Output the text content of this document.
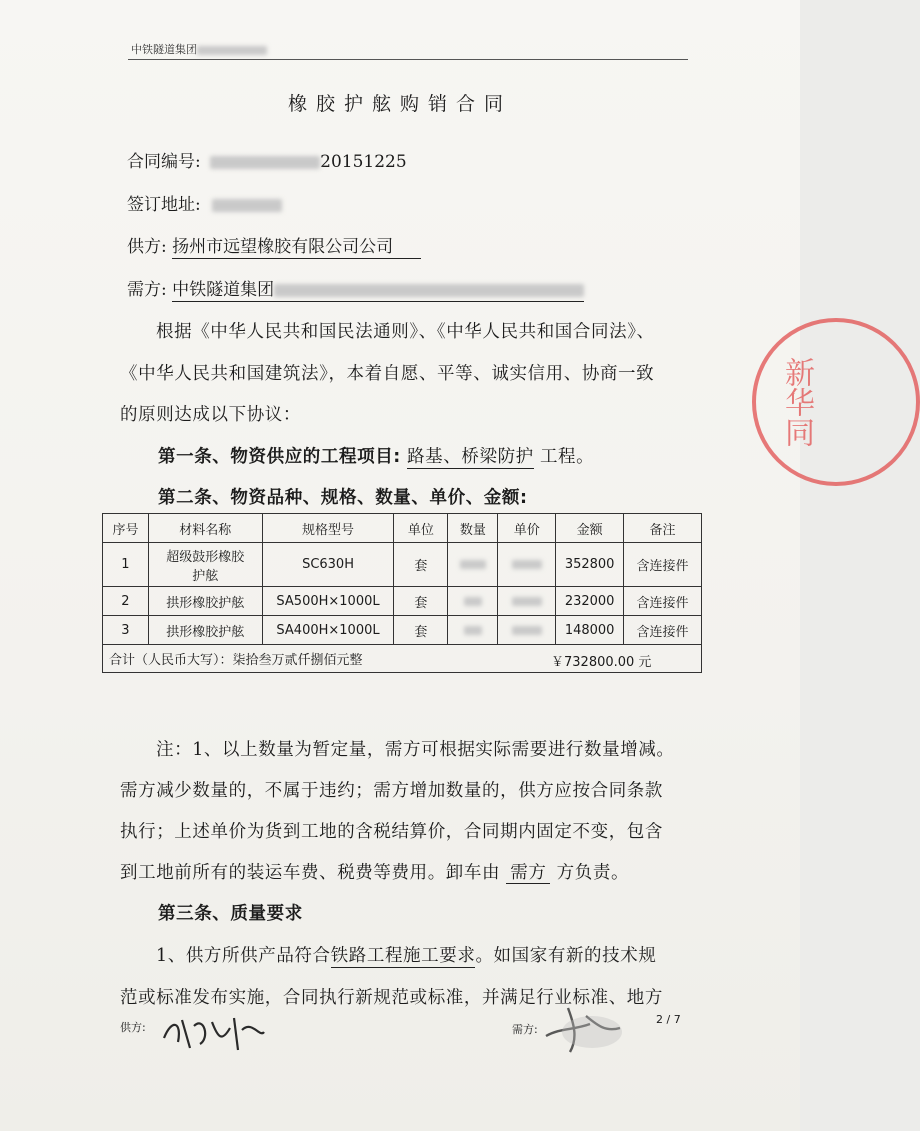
中铁隧道集团
橡胶护舷购销合同
合同编号:	20151225
签订地址:
供方: 扬州市远望橡胶有限公司公司
需方: 中铁隧道集团
根据《中华人民共和国民法通则》、《中华人民共和国合同法》、
《中华人民共和国建筑法》，本着自愿、平等、诚实信用、协商一致
的原则达成以下协议：
第一条、物资供应的工程项目: 路基、桥梁防护 工程。
第二条、物资品种、规格、数量、单价、金额:
序号	材料名称	规格型号	单位	数量	单价	金额	备注
1	超级鼓形橡胶
护舷	SC630H	套			352800	含连接件
2	拱形橡胶护舷	SA500H×1000L	套			232000	含连接件
3	拱形橡胶护舷	SA400H×1000L	套			148000	含连接件
合计（人民币大写）：柒拾叁万贰仟捌佰元整 ￥732800.00 元							
注：1、以上数量为暂定量，需方可根据实际需要进行数量增减。
需方减少数量的，不属于违约；需方增加数量的，供方应按合同条款
执行；上述单价为货到工地的含税结算价，合同期内固定不变，包含
到工地前所有的装运车费、税费等费用。卸车由 需方 方负责。
第三条、质量要求
1、供方所供产品符合铁路工程施工要求。如国家有新的技术规
范或标准发布实施，合同执行新规范或标准，并满足行业标准、地方
供方:	需方:
2 / 7
新华同
